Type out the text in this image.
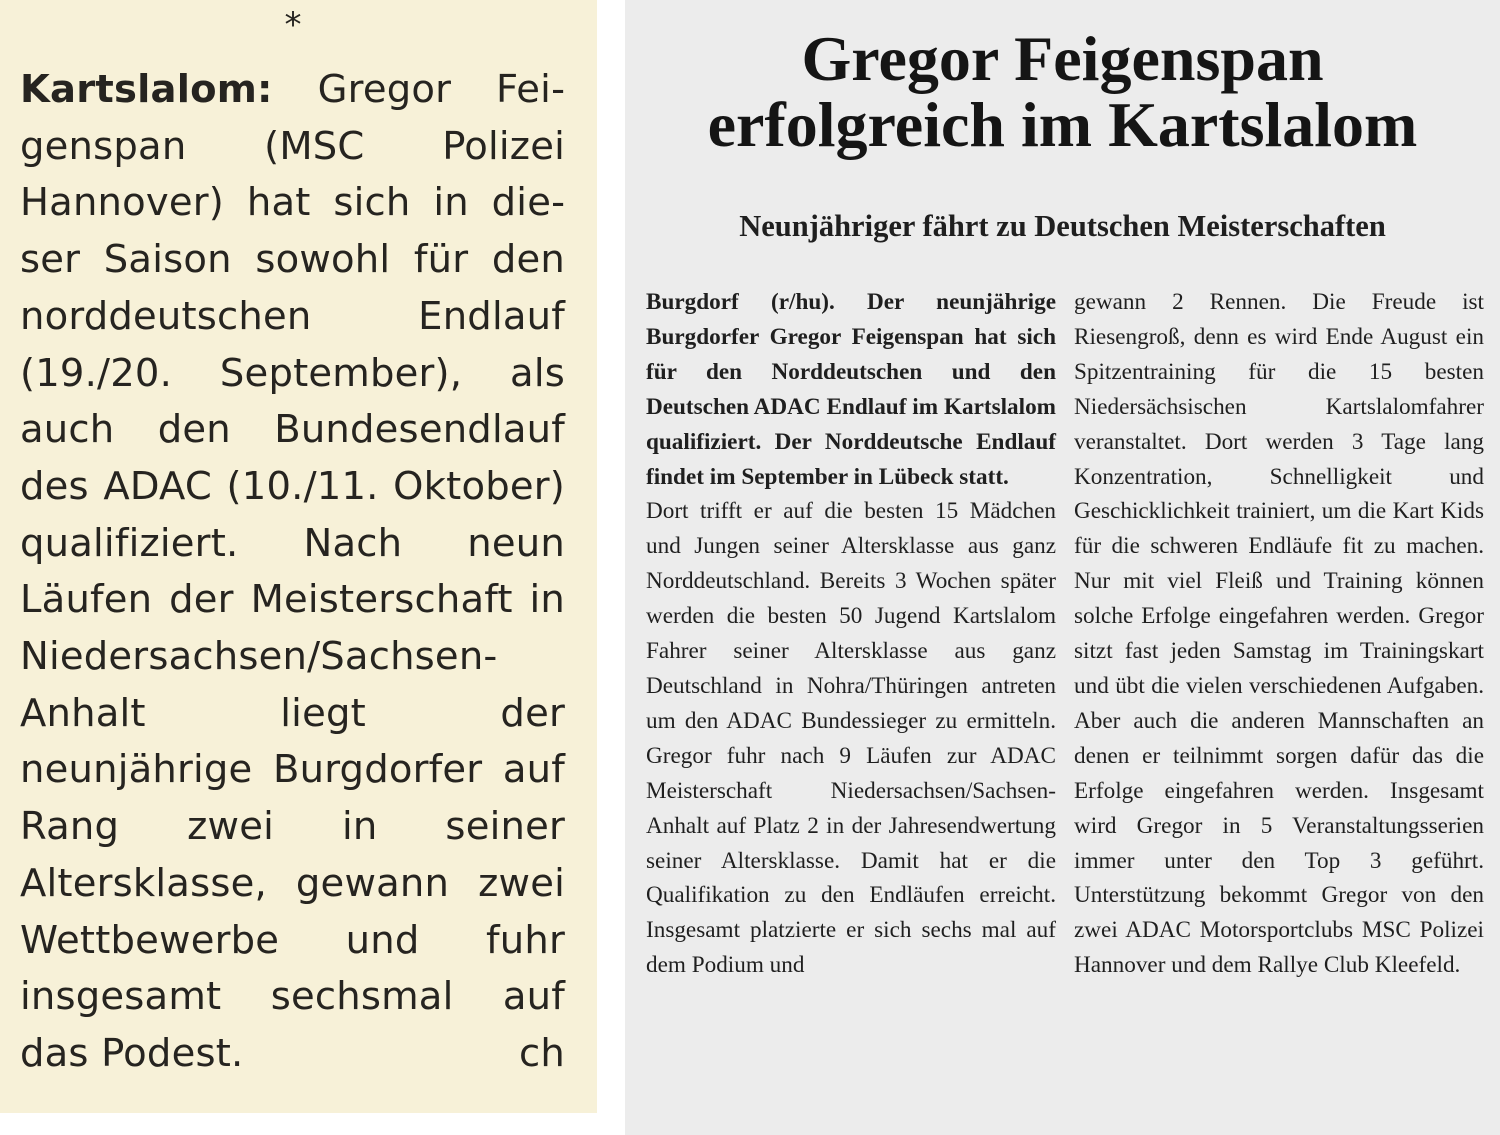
*
Kartslalom: Gregor Feigenspan (MSC Polizei Hannover) hat sich in dieser Saison sowohl für den norddeutschen Endlauf (19./20. September), als auch den Bundesendlauf des ADAC (10./11. Oktober) qualifiziert. Nach neun Läufen der Meisterschaft in Niedersachsen/Sachsen-Anhalt liegt der neunjährige Burgdorfer auf Rang zwei in seiner Altersklasse, gewann zwei Wettbewerbe und fuhr insgesamt sechsmal auf das Podest.	ch
Gregor Feigenspan
erfolgreich im Kartslalom
Neunjähriger fährt zu Deutschen Meisterschaften
Burgdorf (r/hu). Der neunjährige Burgdorfer Gregor Feigenspan hat sich für den Norddeutschen und den Deutschen ADAC Endlauf im Kartslalom qualifiziert. Der Norddeutsche Endlauf findet im September in Lübeck statt.
Dort trifft er auf die besten 15 Mädchen und Jungen seiner Altersklasse aus ganz Norddeutschland. Bereits 3 Wochen später werden die besten 50 Jugend Kartslalom Fahrer seiner Altersklasse aus ganz Deutschland in Nohra/Thüringen antreten um den ADAC Bundessieger zu ermitteln. Gregor fuhr nach 9 Läufen zur ADAC Meisterschaft Niedersachsen/Sachsen-Anhalt auf Platz 2 in der Jahresendwertung seiner Altersklasse. Damit hat er die Qualifikation zu den Endläufen erreicht. Insgesamt platzierte er sich sechs mal auf dem Podium und
gewann 2 Rennen. Die Freude ist Riesengroß, denn es wird Ende August ein Spitzentraining für die 15 besten Niedersächsischen Kartslalomfahrer veranstaltet. Dort werden 3 Tage lang Konzentration, Schnelligkeit und Geschicklichkeit trainiert, um die Kart Kids für die schweren Endläufe fit zu machen. Nur mit viel Fleiß und Training können solche Erfolge eingefahren werden. Gregor sitzt fast jeden Samstag im Trainingskart und übt die vielen verschiedenen Aufgaben. Aber auch die anderen Mannschaften an denen er teilnimmt sorgen dafür das die Erfolge eingefahren werden. Insgesamt wird Gregor in 5 Veranstaltungsserien immer unter den Top 3 geführt. Unterstützung bekommt Gregor von den zwei ADAC Motorsportclubs MSC Polizei Hannover und dem Rallye Club Kleefeld.
